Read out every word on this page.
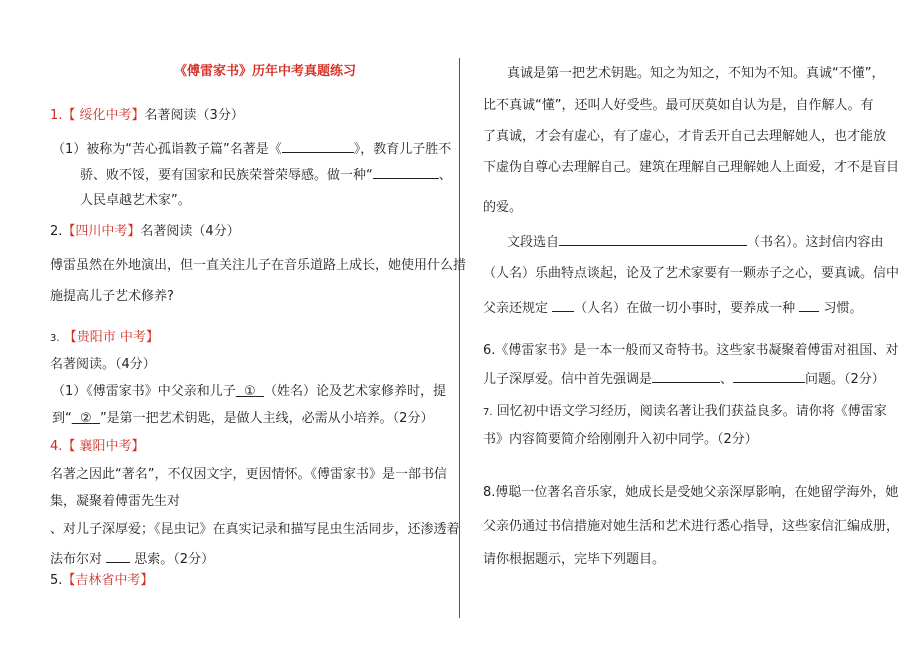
《傅雷家书》历年中考真题练习
1.【 绥化中考】名著阅读（3分）
（1）被称为“苦心孤诣教子篇”名著是《	》，教育儿子胜不
骄、败不馁，要有国家和民族荣誉荣辱感。做一种“	、
人民卓越艺术家”。
2.【四川中考】名著阅读（4分）
傅雷虽然在外地演出，但一直关注儿子在音乐道路上成长，她使用什么措
施提高儿子艺术修养?
3. 【贵阳市 中考】
名著阅读。（4分）
（1）《傅雷家书》中父亲和儿子 ① （姓名）论及艺术家修养时，提
到“ ② ”是第一把艺术钥匙，是做人主线，必需从小培养。（2分）
4.【 襄阳中考】
名著之因此“著名”，不仅因文字，更因情怀。《傅雷家书》是一部书信
集，凝聚着傅雷先生对
、对儿子深厚爱；《昆虫记》在真实记录和描写昆虫生活同步，还渗透着
法布尔对 思索。（2分）
5.【吉林省中考】
真诚是第一把艺术钥匙。知之为知之，不知为不知。真诚“不懂”，
比不真诚“懂”，还叫人好受些。最可厌莫如自认为是，自作解人。有
了真诚，才会有虚心，有了虚心，才肯丢开自己去理解她人，也才能放
下虚伪自尊心去理解自己。建筑在理解自己理解她人上面爱，才不是盲目
的爱。
文段选自	（书名）。这封信内容由
（人名）乐曲特点谈起，论及了艺术家要有一颗赤子之心，要真诚。信中
父亲还规定 （人名）在做一切小事时，要养成一种 习惯。
6.《傅雷家书》是一本一般而又奇特书。这些家书凝聚着傅雷对祖国、对
儿子深厚爱。信中首先强调是	、	问题。（2分）
7. 回忆初中语文学习经历，阅读名著让我们获益良多。请你将《傅雷家
书》内容简要简介给刚刚升入初中同学。（2分）
8.傅聪一位著名音乐家，她成长是受她父亲深厚影响，在她留学海外，她
父亲仍通过书信措施对她生活和艺术进行悉心指导，这些家信汇编成册，
请你根据题示，完毕下列题目。
